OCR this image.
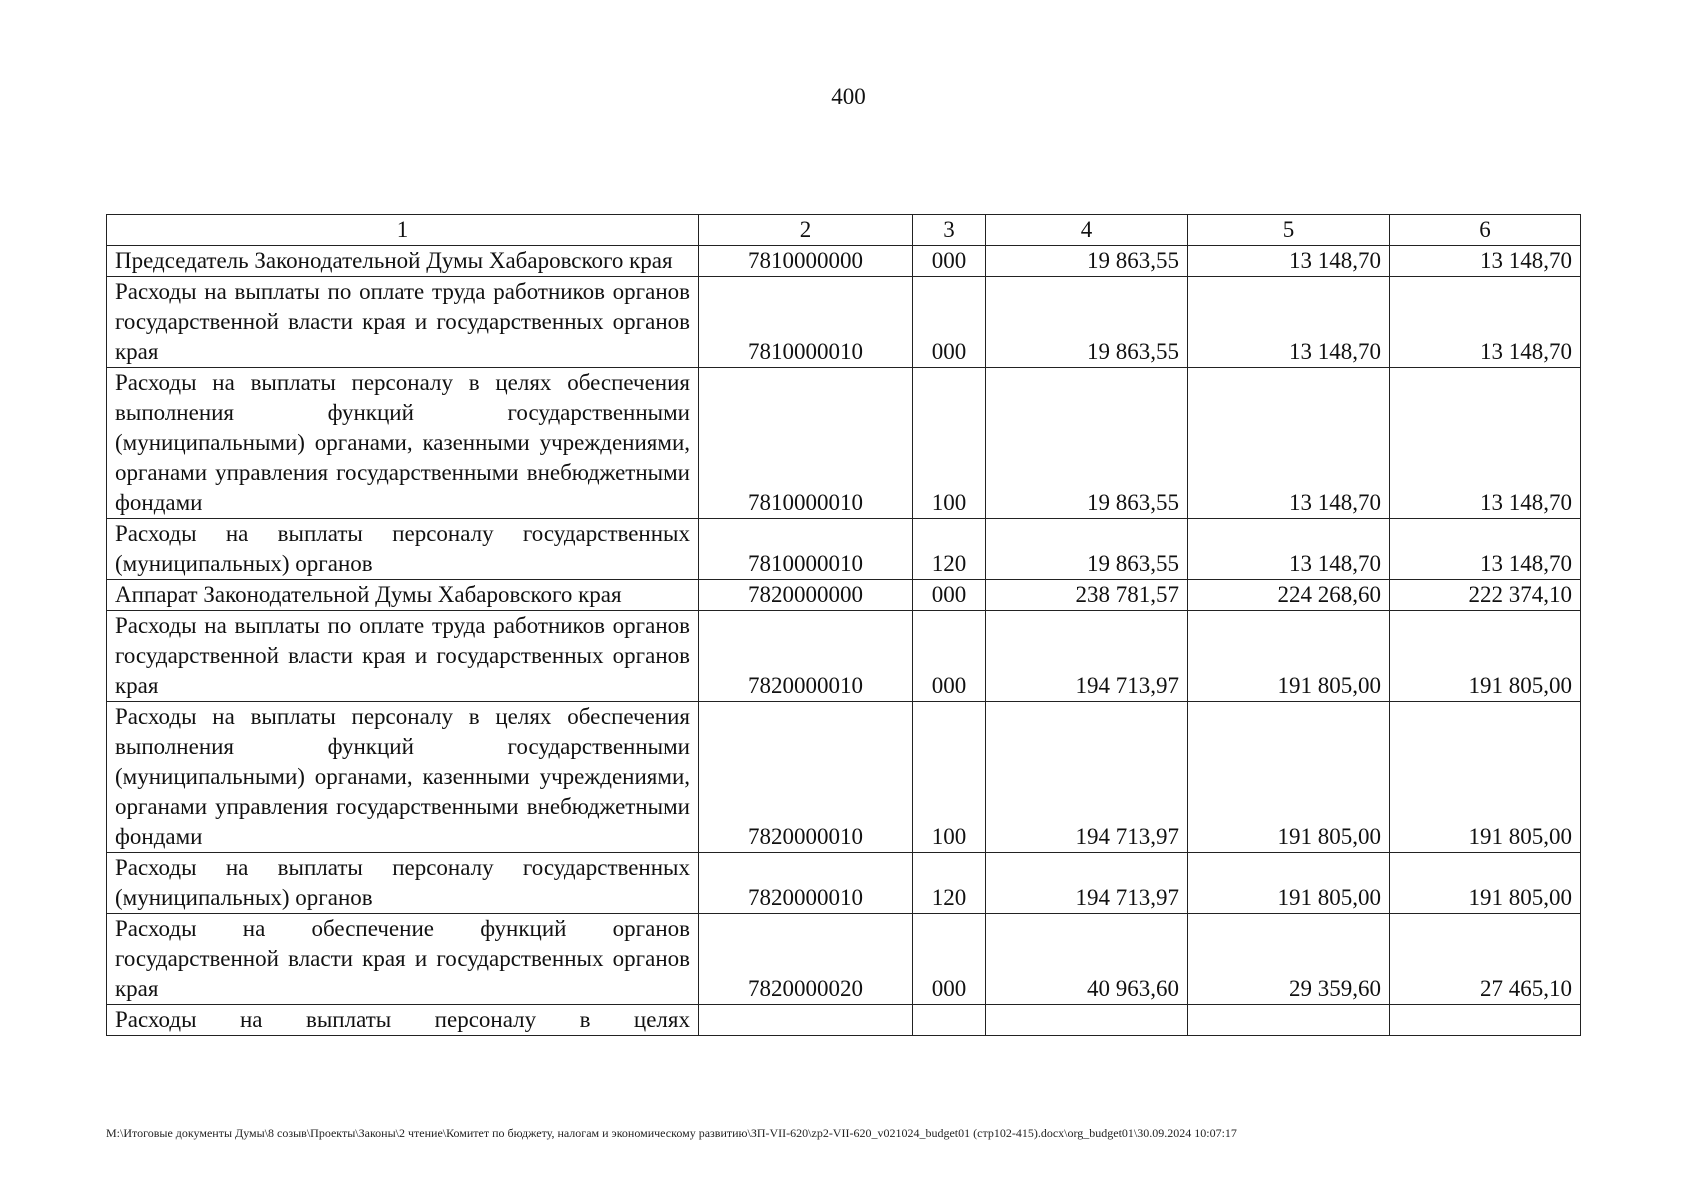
400
1	2	3	4	5	6
Председатель Законодательной Думы Хабаровского края	7810000000	000	19 863,55	13 148,70	13 148,70
Расходы на выплаты по оплате труда работников органов государственной власти края и государственных органов края	7810000010	000	19 863,55	13 148,70	13 148,70
Расходы на выплаты персоналу в целях обеспечения выполнения функций государственными (муниципальными) органами, казенными учреждениями, органами управления государственными внебюджетными фондами	7810000010	100	19 863,55	13 148,70	13 148,70
Расходы на выплаты персоналу государственных (муниципальных) органов	7810000010	120	19 863,55	13 148,70	13 148,70
Аппарат Законодательной Думы Хабаровского края	7820000000	000	238 781,57	224 268,60	222 374,10
Расходы на выплаты по оплате труда работников органов государственной власти края и государственных органов края	7820000010	000	194 713,97	191 805,00	191 805,00
Расходы на выплаты персоналу в целях обеспечения выполнения функций государственными (муниципальными) органами, казенными учреждениями, органами управления государственными внебюджетными фондами	7820000010	100	194 713,97	191 805,00	191 805,00
Расходы на выплаты персоналу государственных (муниципальных) органов	7820000010	120	194 713,97	191 805,00	191 805,00
Расходы на обеспечение функций органов государственной власти края и государственных органов края	7820000020	000	40 963,60	29 359,60	27 465,10
Расходы на выплаты персоналу в целях					
М:\Итоговые документы Думы\8 созыв\Проекты\Законы\2 чтение\Комитет по бюджету, налогам и экономическому развитию\ЗП-VII-620\zp2-VII-620_v021024_budget01 (стр102-415).docx\org_budget01\30.09.2024 10:07:17
